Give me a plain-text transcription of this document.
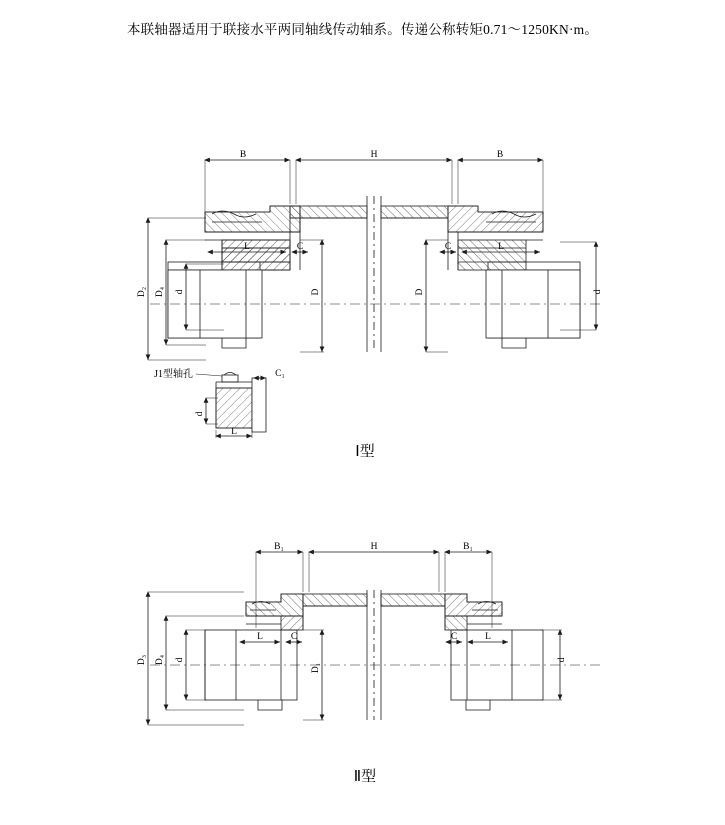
本联轴器适用于联接水平两同轴线传动轴系。传递公称转矩0.71～1250KN·m。
Ⅰ型
Ⅱ型
B	H	B
D₂ D₄ d	d
L	C
D	D
C	L
J1型轴孔
d
L
C₁
B₁	H	B₁
D₃ D₄ d	d
L	C
D₁
C	L
